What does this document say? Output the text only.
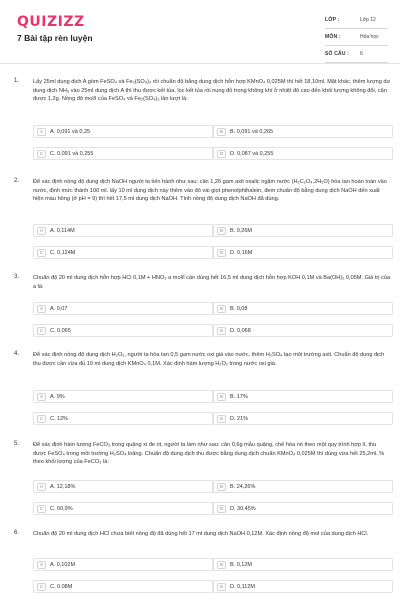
QUIZIZZ
7 Bài tập rèn luyện
LỚP :	Lớp 12
MÔN :	Hóa học
SỐ CÂU : 6
1. Lấy 25ml dung dịch A gồm FeSO₄ và Fe₂(SO₄)₃ rồi chuẩn độ bằng dung dịch hỗn hợp KMnO₄ 0,025M thì hết 18,10ml. Mặt khác, thêm lượng dư dung dịch NH₃ vào 25ml dung dịch A thì thu được kết tủa, lọc kết tủa rồi nung đỏ trong không khí ở nhiệt độ cao đến khối lượng không đổi, cân được 1,2g. Nồng độ mol/l của FeSO₄ và Fe₂(SO₄)₃ lần lượt là:
A	A. 0,091 và 0,25	B	B. 0,091 và 0,265
C	C. 0,091 và 0,255	D	D. 0,087 và 0,255
2. Để xác định nồng độ dung dịch NaOH người ta tiến hành như sau: cân 1,26 gam axit oxalic ngậm nước (H₂C₂O₄.2H₂O) hòa tan hoàn toàn vào nước, định mức thành 100 ml. lấy 10 ml dung dịch này thêm vào đó vài giọt phenolphthalein, đem chuẩn độ bằng dung dịch NaOH đến xuất hiện màu hồng (ở pH = 9) thì hết 17,5 ml dung dịch NaOH. Tính nồng độ dung dịch NaOH đã dùng.
A	A. 0,114M	B	B. 0,26M
C	C. 0,124M	D	D. 0,16M
3. Chuẩn độ 20 ml dung dịch hỗn hợp HCl 0,1M + HNO₃ a mol/l cần dùng hết 16,5 ml dung dịch hỗn hợp KOH 0,1M và Ba(OH)₂ 0,05M. Giá trị của a là:
A	A. 0,07	B	B. 0,08
C	C. 0,065	D	D. 0,068
4. Để xác định nồng độ dung dịch H₂O₂, người ta hòa tan 0,5 gam nước oxi già vào nước, thêm H₂SO₄ tạo môi trường axit. Chuẩn độ dung dịch thu được cần vừa đủ 10 ml dung dịch KMnO₄ 0,1M. Xác định hàm lượng H₂O₂ trong nước oxi già.
A	A. 9%	B	B. 17%
C	C. 12%	D	D. 21%
5. Để xác định hàm lượng FeCO₃ trong quặng xi đe rit, người ta làm như sau: cân 0,6g mẫu quặng, chế hóa nó theo một quy trình hợp lí, thu được FeSO₄ trong môi trường H₂SO₄ loãng. Chuẩn độ dung dịch thu được bằng dung dịch chuẩn KMnO₄ 0,025M thì dùng vừa hết 25,2ml. % theo khối lượng của FeCO₃ là:
A	A. 12,18%	B	B. 24,26%
C	C. 60,9%	D	D. 30,45%
6. Chuẩn độ 20 ml dung dịch HCl chưa biết nồng độ đã dùng hết 17 ml dung dịch NaOH 0,12M. Xác định nồng độ mol của dung dịch HCl.
A	A. 0,102M	B	B. 0,12M
C	C. 0.08M	D	D. 0,112M
